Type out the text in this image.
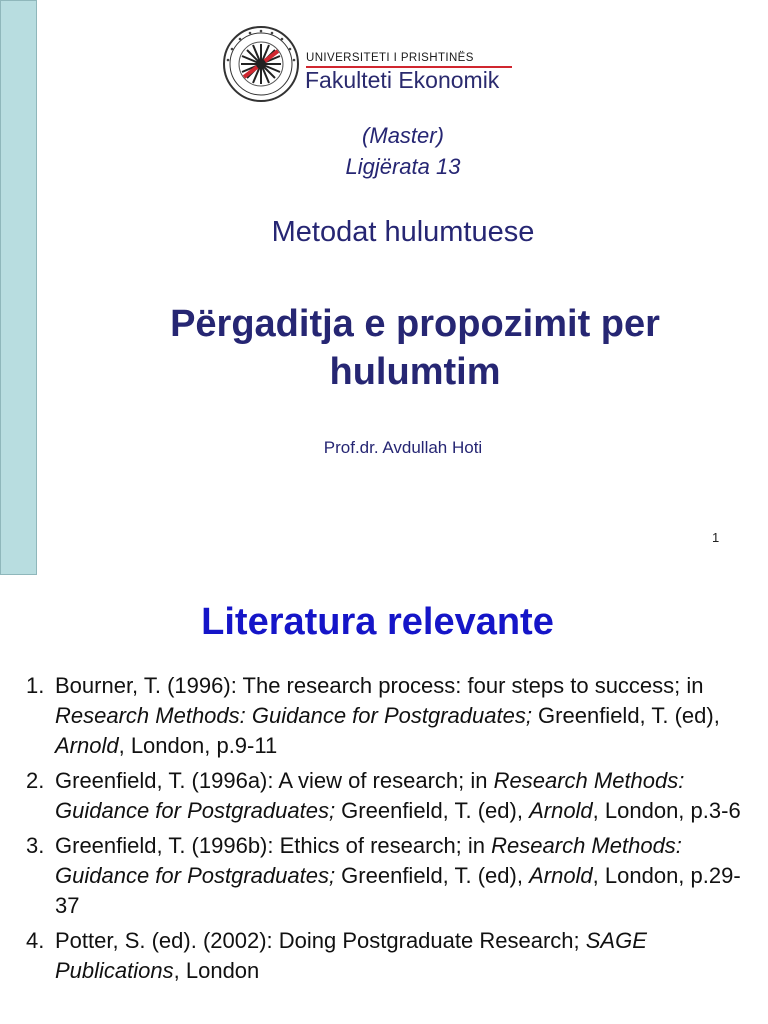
UNIVERSITETI I PRISHTINËS
Fakulteti Ekonomik
(Master)
Ligjërata 13
Metodat hulumtuese
Përgaditja e propozimit per
hulumtim
Prof.dr. Avdullah Hoti
1
Literatura relevante
1. Bourner, T. (1996): The research process: four steps to success; in Research Methods: Guidance for Postgraduates; Greenfield, T. (ed), Arnold, London, p.9-11
2. Greenfield, T. (1996a): A view of research; in Research Methods: Guidance for Postgraduates; Greenfield, T. (ed), Arnold, London, p.3-6
3. Greenfield, T. (1996b): Ethics of research; in Research Methods: Guidance for Postgraduates; Greenfield, T. (ed), Arnold, London, p.29-37
4. Potter, S. (ed). (2002): Doing Postgraduate Research; SAGE Publications, London
